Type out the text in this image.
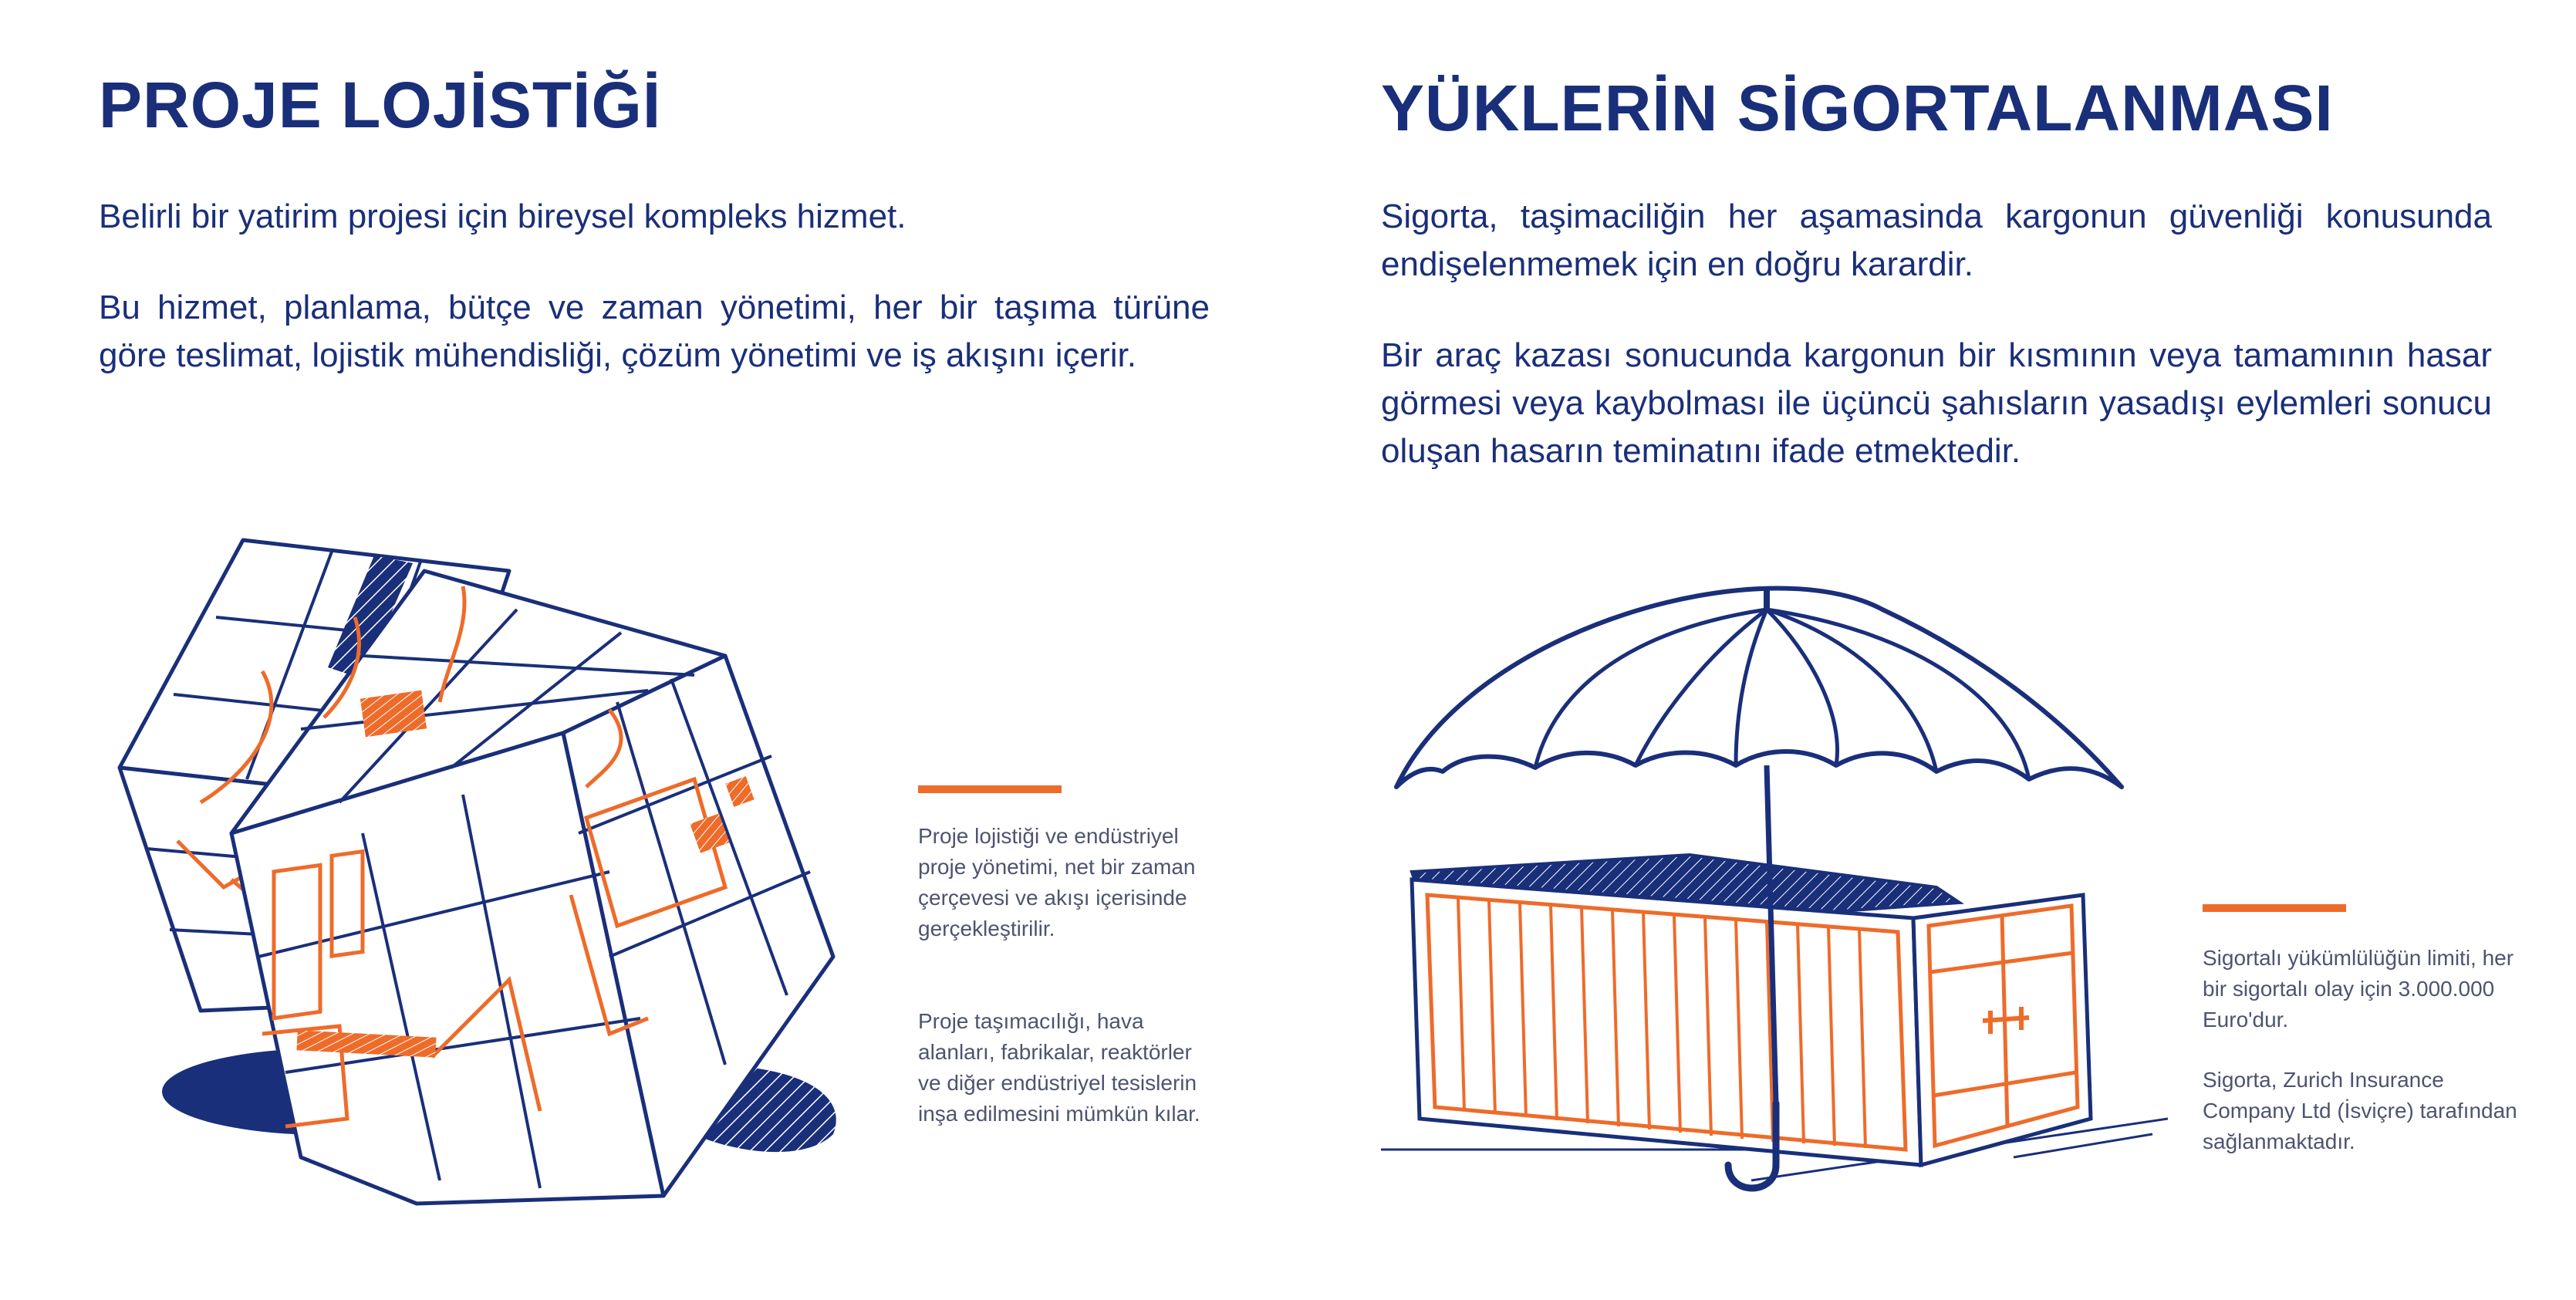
PROJE LOJİSTİĞİ

Belirli bir yatirim projesi için bireysel kompleks hizmet.

Bu hizmet, planlama, bütçe ve zaman yönetimi, her bir taşıma türüne göre teslimat, lojistik mühendisliği, çözüm yönetimi ve iş akışını içerir.

Proje lojistiği ve endüstriyel proje yönetimi, net bir zaman çerçevesi ve akışı içerisinde gerçekleştirilir.

Proje taşımacılığı, hava alanları, fabrikalar, reaktörler ve diğer endüstriyel tesislerin inşa edilmesini mümkün kılar.

YÜKLERİN SİGORTALANMASI

Sigorta, taşimaciliğin her aşamasinda kargonun güvenliği konusunda endişelenmemek için en doğru karardir.

Bir araç kazası sonucunda kargonun bir kısmının veya tamamının hasar görmesi veya kaybolması ile üçüncü şahısların yasadışı eylemleri sonucu oluşan hasarın teminatını ifade etmektedir.

Sigortalı yükümlülüğün limiti, her bir sigortalı olay için 3.000.000 Euro'dur.

Sigorta, Zurich Insurance Company Ltd (İsviçre) tarafından sağlanmaktadır.
